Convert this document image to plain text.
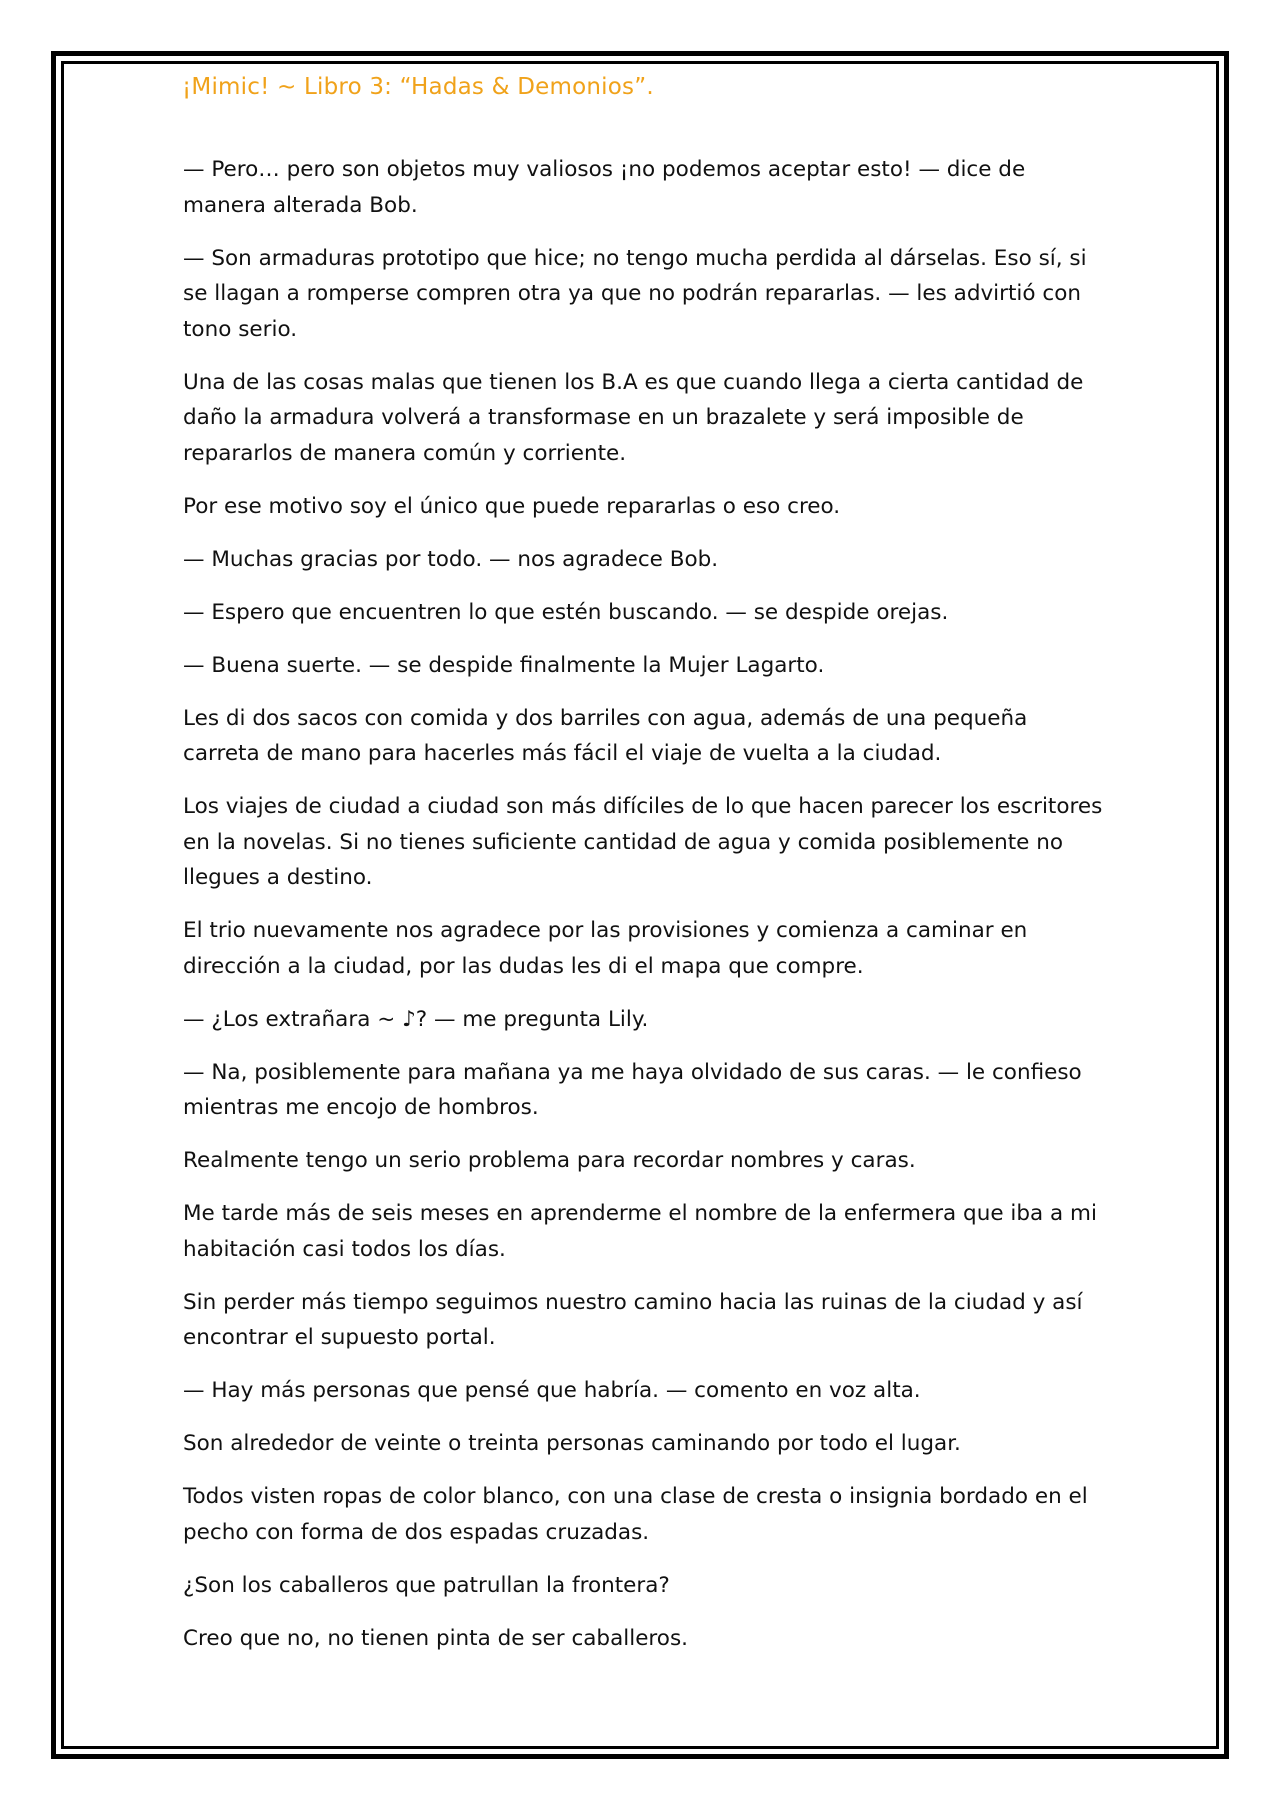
¡Mimic! ~ Libro 3: “Hadas & Demonios”.

— Pero… pero son objetos muy valiosos ¡no podemos aceptar esto! — dice de manera alterada Bob.

— Son armaduras prototipo que hice; no tengo mucha perdida al dárselas. Eso sí, si se llagan a romperse compren otra ya que no podrán repararlas. — les advirtió con tono serio.

Una de las cosas malas que tienen los B.A es que cuando llega a cierta cantidad de daño la armadura volverá a transformase en un brazalete y será imposible de repararlos de manera común y corriente.

Por ese motivo soy el único que puede repararlas o eso creo.

— Muchas gracias por todo. — nos agradece Bob.

— Espero que encuentren lo que estén buscando. — se despide orejas.

— Buena suerte. — se despide finalmente la Mujer Lagarto.

Les di dos sacos con comida y dos barriles con agua, además de una pequeña carreta de mano para hacerles más fácil el viaje de vuelta a la ciudad.

Los viajes de ciudad a ciudad son más difíciles de lo que hacen parecer los escritores en la novelas. Si no tienes suficiente cantidad de agua y comida posiblemente no llegues a destino.

El trio nuevamente nos agradece por las provisiones y comienza a caminar en dirección a la ciudad, por las dudas les di el mapa que compre.

— ¿Los extrañara ~ ♪? — me pregunta Lily.

— Na, posiblemente para mañana ya me haya olvidado de sus caras. — le confieso mientras me encojo de hombros.

Realmente tengo un serio problema para recordar nombres y caras.

Me tarde más de seis meses en aprenderme el nombre de la enfermera que iba a mi habitación casi todos los días.

Sin perder más tiempo seguimos nuestro camino hacia las ruinas de la ciudad y así encontrar el supuesto portal.

— Hay más personas que pensé que habría. — comento en voz alta.

Son alrededor de veinte o treinta personas caminando por todo el lugar.

Todos visten ropas de color blanco, con una clase de cresta o insignia bordado en el pecho con forma de dos espadas cruzadas.

¿Son los caballeros que patrullan la frontera?

Creo que no, no tienen pinta de ser caballeros.
